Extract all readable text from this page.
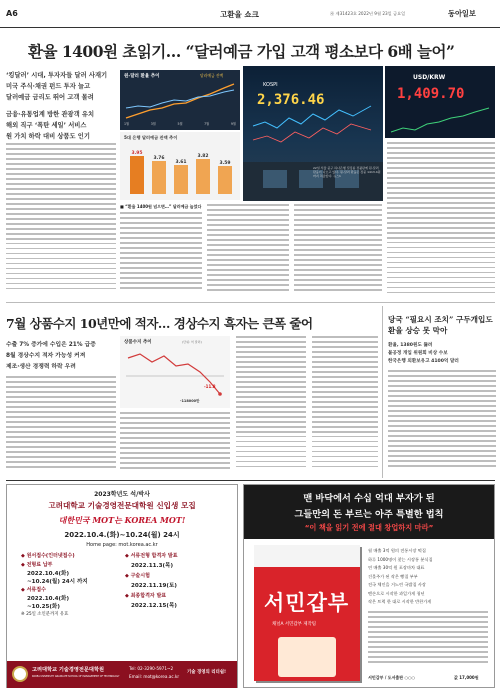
A6	고환율 쇼크	㉴ 제31423호 2022년 9월 23일 금요일	동아일보
환율 1400원 초읽기… “달러예금 가입 고객 평소보다 6배 늘어”
‘킹달러’ 시대, 투자자들 달러 사재기
미국 주식·채권 펀드 투자 늘고
달러예금 금리도 뛰어 고객 몰려
금융·유통업계 방한 관광객 유치
해외 직구 ‘폭탄 세일’ 서비스
원 가치 하락 대비 상품도 인기
원-달러 환율 추이	달러예금 잔액
1월	3월	5월	7월	9월
5대 은행 달러예금 잔액 추이
3.95
3.76
3.61
3.82
3.59
KOSPI
2,376.46
22일 서울 중구 하나은행 딜링룸 전광판에 원-달러 환율이 나오고 있다. 원-달러 환율은 장중 1413.4원까지 치솟았다. 뉴스1
USD/KRW
1,409.70
■ “환율 1400원 넘으면…” 달러예금 늘었다
7월 상품수지 10년만에 적자… 경상수지 흑자는 큰폭 줄어
수출 7% 증가에 수입은 21% 급증
8월 경상수지 적자 가능성 커져
제조·생산 경쟁력 하락 우려
상품수지 추이	(단위: 억 달러)
-11.8
-118000만
당국 “필요시 조치” 구두개입도 환율 상승 못 막아
환율, 1380원도 뚫려
불공정 개입 위원회 비상 수보
한국은행 외환보유고 4100억 달러
2023학년도 석/박사
고려대학교 기술경영전문대학원 신입생 모집
대한민국 MOT는 KOREA MOT!
2022.10.4.(화)~10.24(월) 24시
Home page: mot.korea.ac.kr
◆ 원서접수(인터넷접수)
◆ 전형료 납부
2022.10.4(화)
~10.24(월) 24시 까지
◆ 서류접수
2022.10.4(화)
~10.25(화)
※ 25일 소인분까지 유효
◆ 서류전형 합격자 발표
2022.11.3(목)
◆ 구술시험
2022.11.19(토)
◆ 최종합격자 발표
2022.12.15(목)
고려대학교 기술경영전문대학원
KOREA UNIVERSITY GRADUATE SCHOOL OF MANAGEMENT OF TECHNOLOGY
Tel: 02-3290-5971~2
Email: mot@korea.ac.kr
기술 경영의 리더쉽!
맨 바닥에서 수십 억대 부자가 된
그들만의 돈 부르는 아주 특별한 법칙
“이 책을 읽기 전에 절대 창업하지 마라”
서민갑부
채널A 서민갑부 제작팀
월 매출 3억 원의 전통시장 떡집
하루 1000명이 찾는 시장통 분식집
연 매출 30억 원 포장마차 대표
건물주가 된 작은 빵집 부부
전국 체인을 거느린 국밥집 사장
맨손으로 시작한 과일가게 청년
작은 트럭 한 대로 시작한 반찬가게
서민갑부 / 도서출판 ○○○	값 17,000원
